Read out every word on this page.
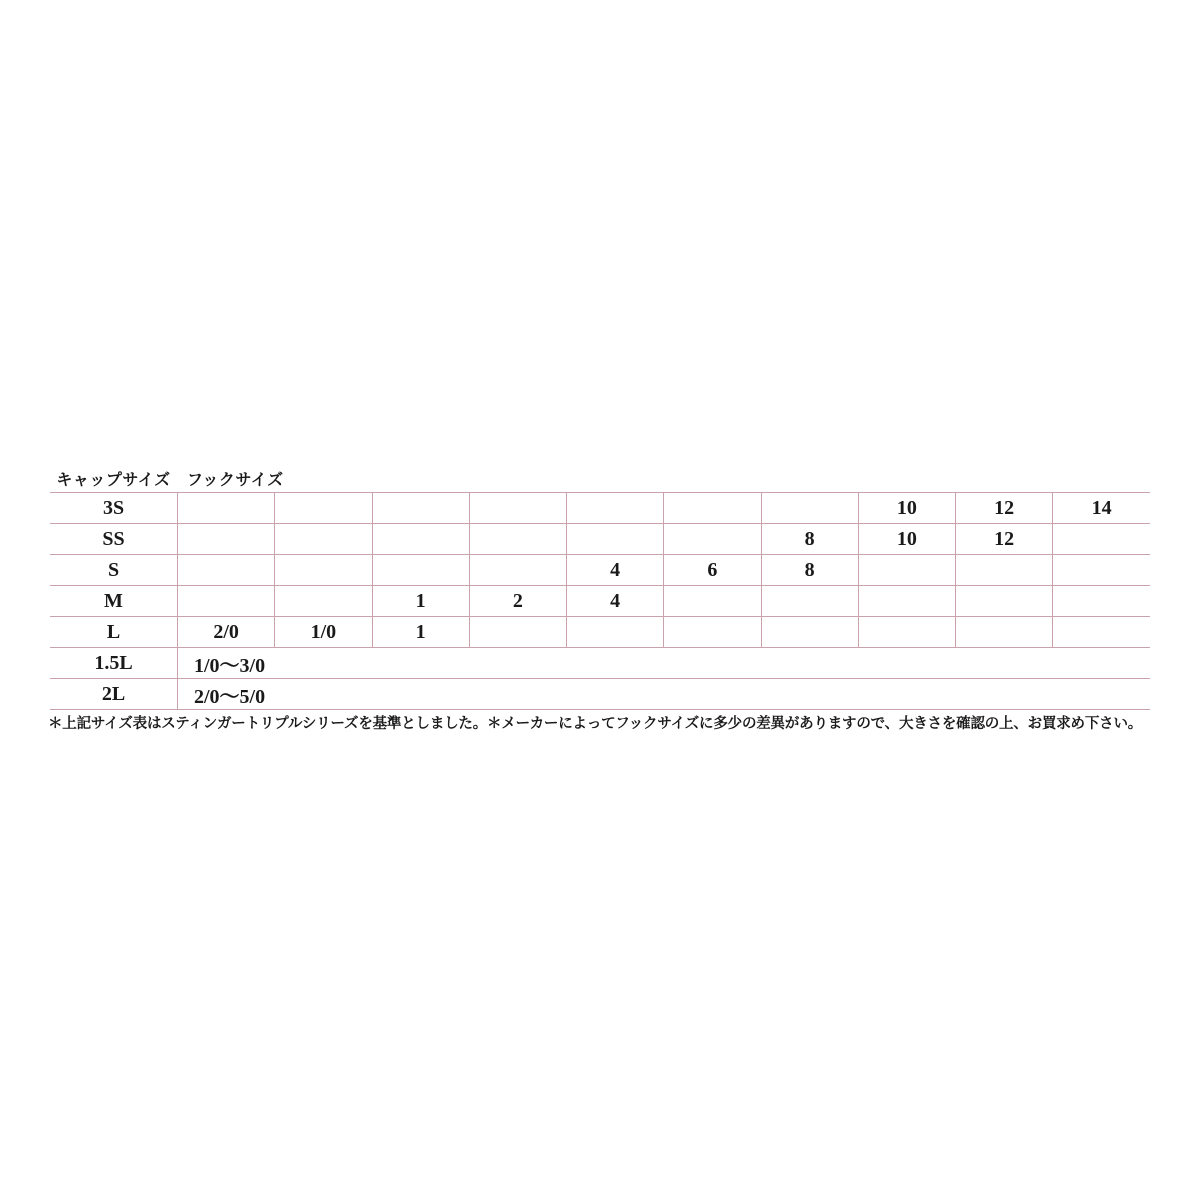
キャップサイズ	フックサイズ
3S								10	12	14
SS							8	10	12	
S					4	6	8			
M			1	2	4					
L	2/0	1/0	1							
1.5L	1/0〜3/0									
2L	2/0〜5/0									
＊上記サイズ表はスティンガートリプルシリーズを基準としました。＊メーカーによってフックサイズに多少の差異がありますので、大きさを確認の上、お買求め下さい。
